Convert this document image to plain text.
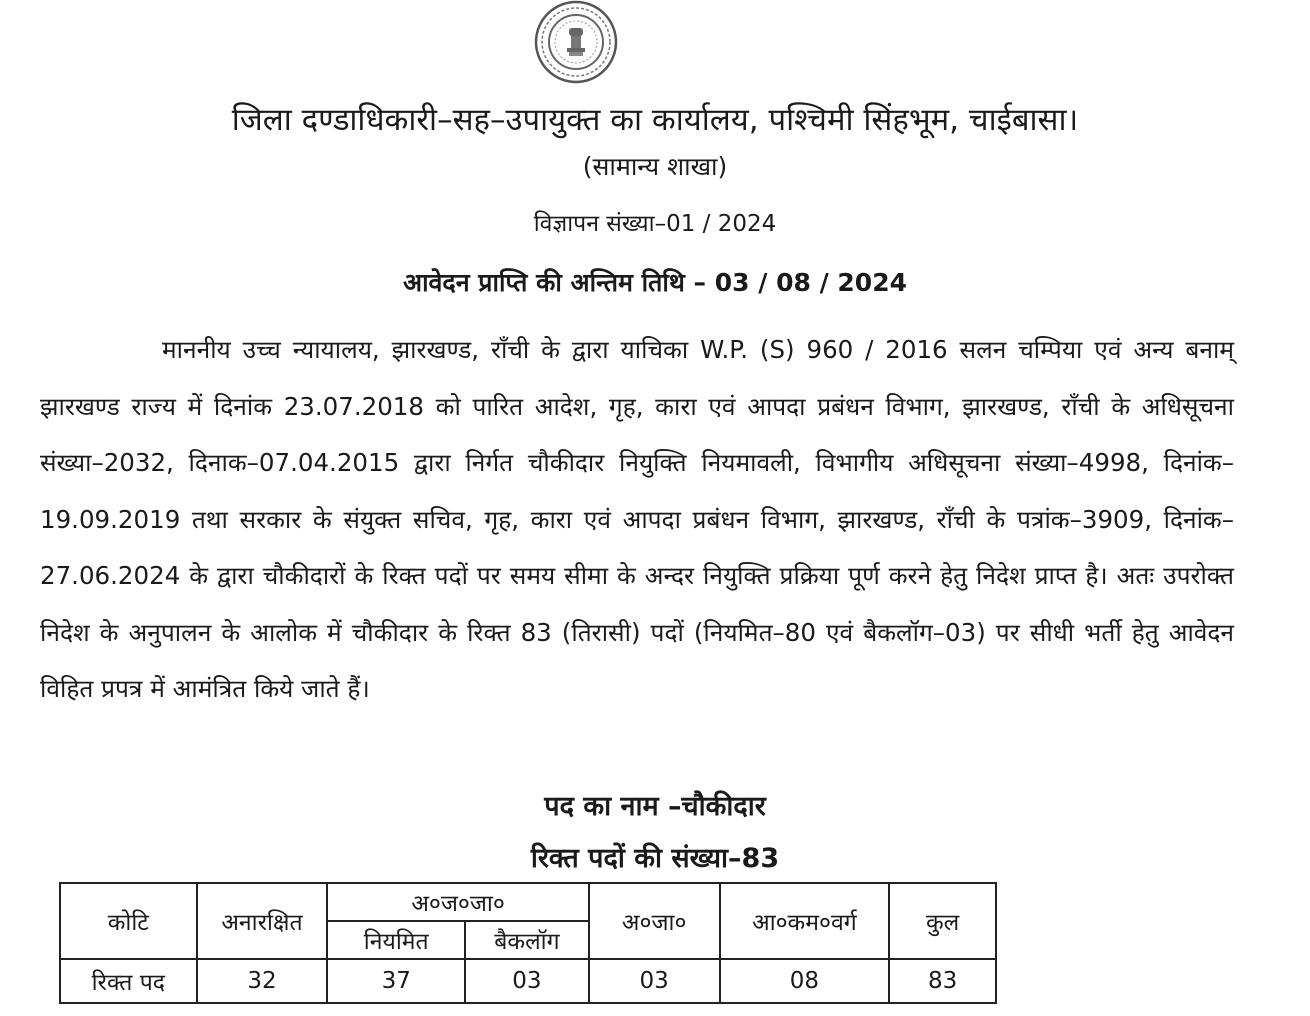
जिला दण्डाधिकारी–सह–उपायुक्त का कार्यालय, पश्चिमी सिंहभूम, चाईबासा।
(सामान्य शाखा)
विज्ञापन संख्या–01 / 2024
आवेदन प्राप्ति की अन्तिम तिथि – 03 / 08 / 2024
माननीय उच्च न्यायालय, झारखण्ड, राँची के द्वारा याचिका W.P. (S) 960 / 2016 सलन चम्पिया एवं अन्य बनाम् झारखण्ड राज्य में दिनांक 23.07.2018 को पारित आदेश, गृह, कारा एवं आपदा प्रबंधन विभाग, झारखण्ड, राँची के अधिसूचना संख्या–2032, दिनाक–07.04.2015 द्वारा निर्गत चौकीदार नियुक्ति नियमावली, विभागीय अधिसूचना संख्या–4998, दिनांक–19.09.2019 तथा सरकार के संयुक्त सचिव, गृह, कारा एवं आपदा प्रबंधन विभाग, झारखण्ड, राँची के पत्रांक–3909, दिनांक–27.06.2024 के द्वारा चौकीदारों के रिक्त पदों पर समय सीमा के अन्दर नियुक्ति प्रक्रिया पूर्ण करने हेतु निदेश प्राप्त है। अतः उपरोक्त निदेश के अनुपालन के आलोक में चौकीदार के रिक्त 83 (तिरासी) पदों (नियमित–80 एवं बैकलॉग–03) पर सीधी भर्ती हेतु आवेदन विहित प्रपत्र में आमंत्रित किये जाते हैं।
पद का नाम –चौकीदार
रिक्त पदों की संख्या–83
कोटि	अनारक्षित	अ०ज०जा०		अ०जा०	आ०कम०वर्ग	कुल
		नियमित	बैकलॉग			
रिक्त पद	32	37	03	03	08	83
